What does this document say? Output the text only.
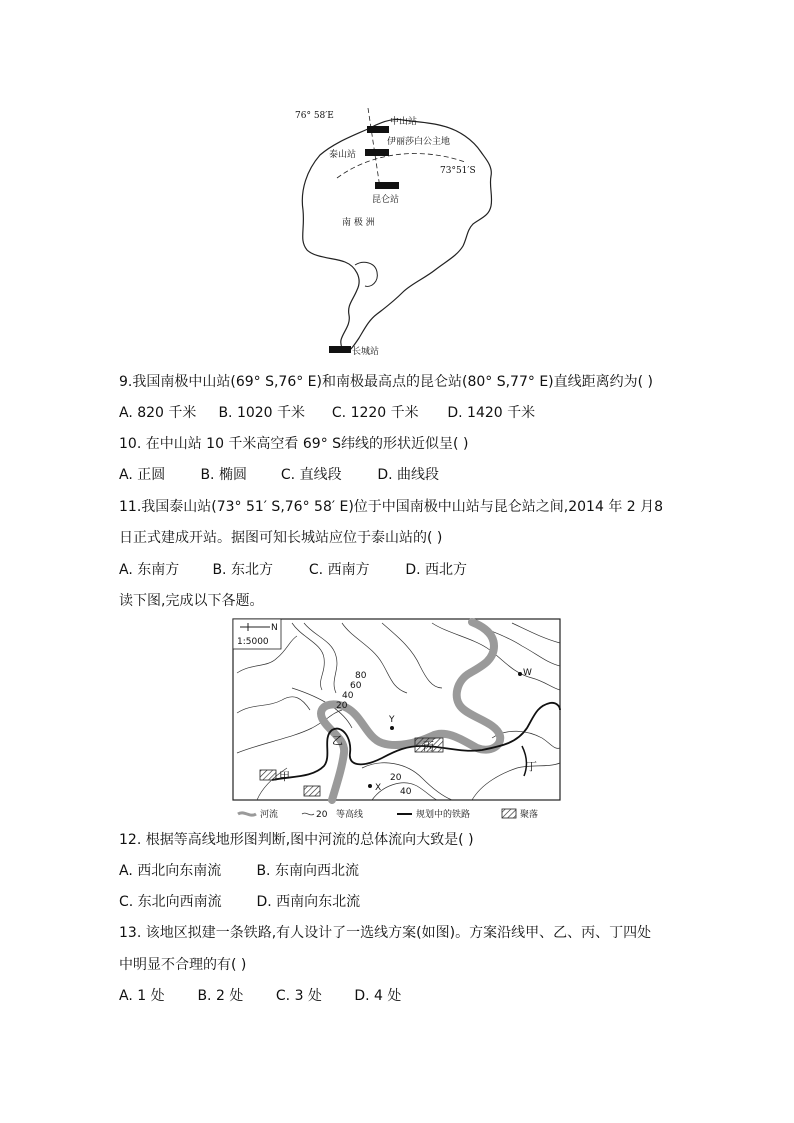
76° 58′E
中山站
伊丽莎白公主地
泰山站
73°51′S
昆仑站
南 极 洲
长城站
9.我国南极中山站(69° S,76° E)和南极最高点的昆仑站(80° S,77° E)直线距离约为( )
A. 820 千米 B. 1020 千米 C. 1220 千米 D. 1420 千米
10. 在中山站 10 千米高空看 69° S纬线的形状近似呈( )
A. 正圆	B. 椭圆 C. 直线段	D. 曲线段
11.我国泰山站(73° 51′ S,76° 58′ E)位于中国南极中山站与昆仑站之间,2014 年 2 月8
日正式建成开站。据图可知长城站应位于泰山站的( )
A. 东南方 B. 东北方	C. 西南方	D. 西北方
读下图,完成以下各题。
N
1:5000
80
60
40
20
20
40
甲
丙
乙
丁
W
Y
X
河流	20 等高线	规划中的铁路	聚落
12. 根据等高线地形图判断,图中河流的总体流向大致是( )
A. 西北向东南流	B. 东南向西北流
C. 东北向西南流 D. 西南向东北流
13. 该地区拟建一条铁路,有人设计了一选线方案(如图)。方案沿线甲、乙、丙、丁四处
中明显不合理的有( )
A. 1 处 B. 2 处 C. 3 处 D. 4 处
